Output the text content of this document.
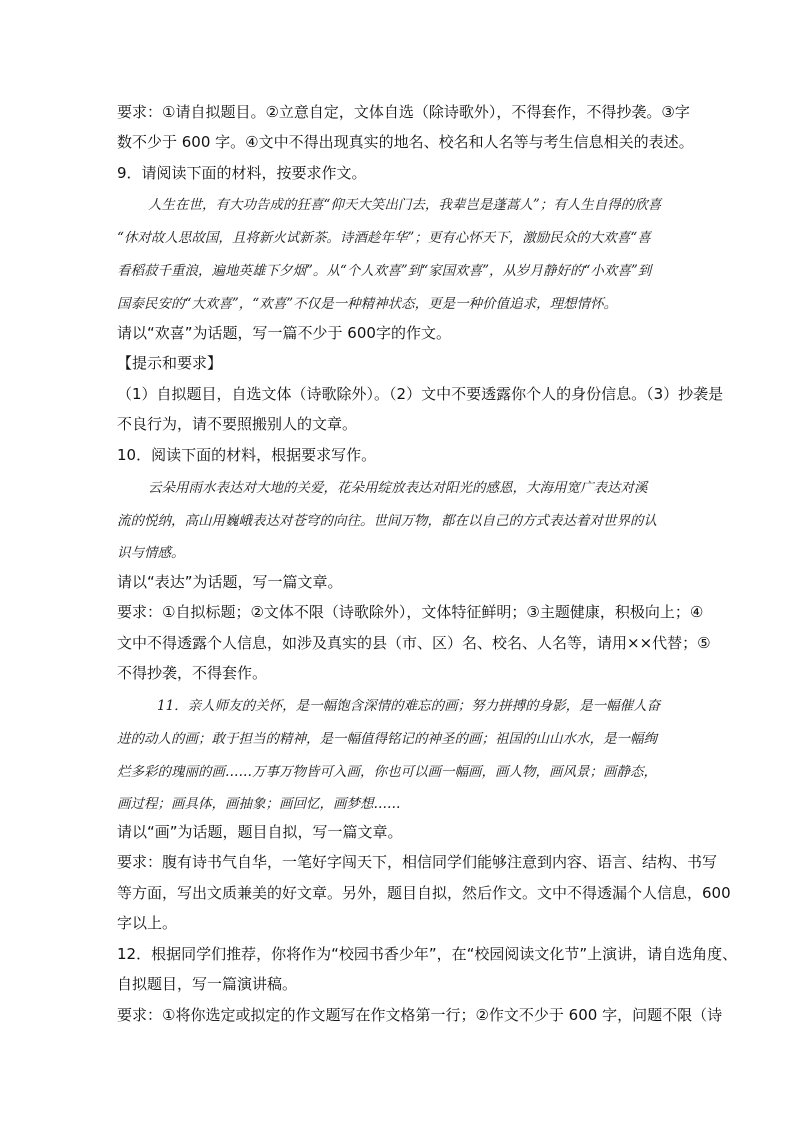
要求：①请自拟题目。②立意自定，文体自选（除诗歌外），不得套作，不得抄袭。③字
数不少于 600 字。④文中不得出现真实的地名、校名和人名等与考生信息相关的表述。
9．请阅读下面的材料，按要求作文。
人生在世，有大功告成的狂喜“仰天大笑出门去，我辈岂是蓬蒿人”；有人生自得的欣喜
“休对故人思故国，且将新火试新茶。诗酒趁年华”；更有心怀天下，激励民众的大欢喜“喜
看稻菽千重浪，遍地英雄下夕烟”。从“个人欢喜”到“家国欢喜”，从岁月静好的“小欢喜”到
国泰民安的“大欢喜”，“欢喜”不仅是一种精神状态，更是一种价值追求，理想情怀。
请以“欢喜”为话题，写一篇不少于 600字的作文。
【提示和要求】
（1）自拟题目，自选文体（诗歌除外）。（2）文中不要透露你个人的身份信息。（3）抄袭是
不良行为，请不要照搬别人的文章。
10．阅读下面的材料，根据要求写作。
云朵用雨水表达对大地的关爱，花朵用绽放表达对阳光的感恩，大海用宽广表达对溪
流的悦纳，高山用巍峨表达对苍穹的向往。世间万物，都在以自己的方式表达着对世界的认
识与情感。
请以“表达”为话题，写一篇文章。
要求：①自拟标题；②文体不限（诗歌除外），文体特征鲜明；③主题健康，积极向上；④
文中不得透露个人信息，如涉及真实的县（市、区）名、校名、人名等，请用××代替；⑤
不得抄袭，不得套作。
11．亲人师友的关怀，是一幅饱含深情的难忘的画；努力拼搏的身影，是一幅催人奋
进的动人的画；敢于担当的精神，是一幅值得铭记的神圣的画；祖国的山山水水，是一幅绚
烂多彩的瑰丽的画……万事万物皆可入画，你也可以画一幅画，画人物，画风景；画静态，
画过程；画具体，画抽象；画回忆，画梦想……
请以“画”为话题，题目自拟，写一篇文章。
要求：腹有诗书气自华，一笔好字闯天下，相信同学们能够注意到内容、语言、结构、书写
等方面，写出文质兼美的好文章。另外，题目自拟，然后作文。文中不得透漏个人信息，600
字以上。
12．根据同学们推荐，你将作为“校园书香少年”，在“校园阅读文化节”上演讲，请自选角度、
自拟题目，写一篇演讲稿。
要求：①将你选定或拟定的作文题写在作文格第一行；②作文不少于 600 字，问题不限（诗
